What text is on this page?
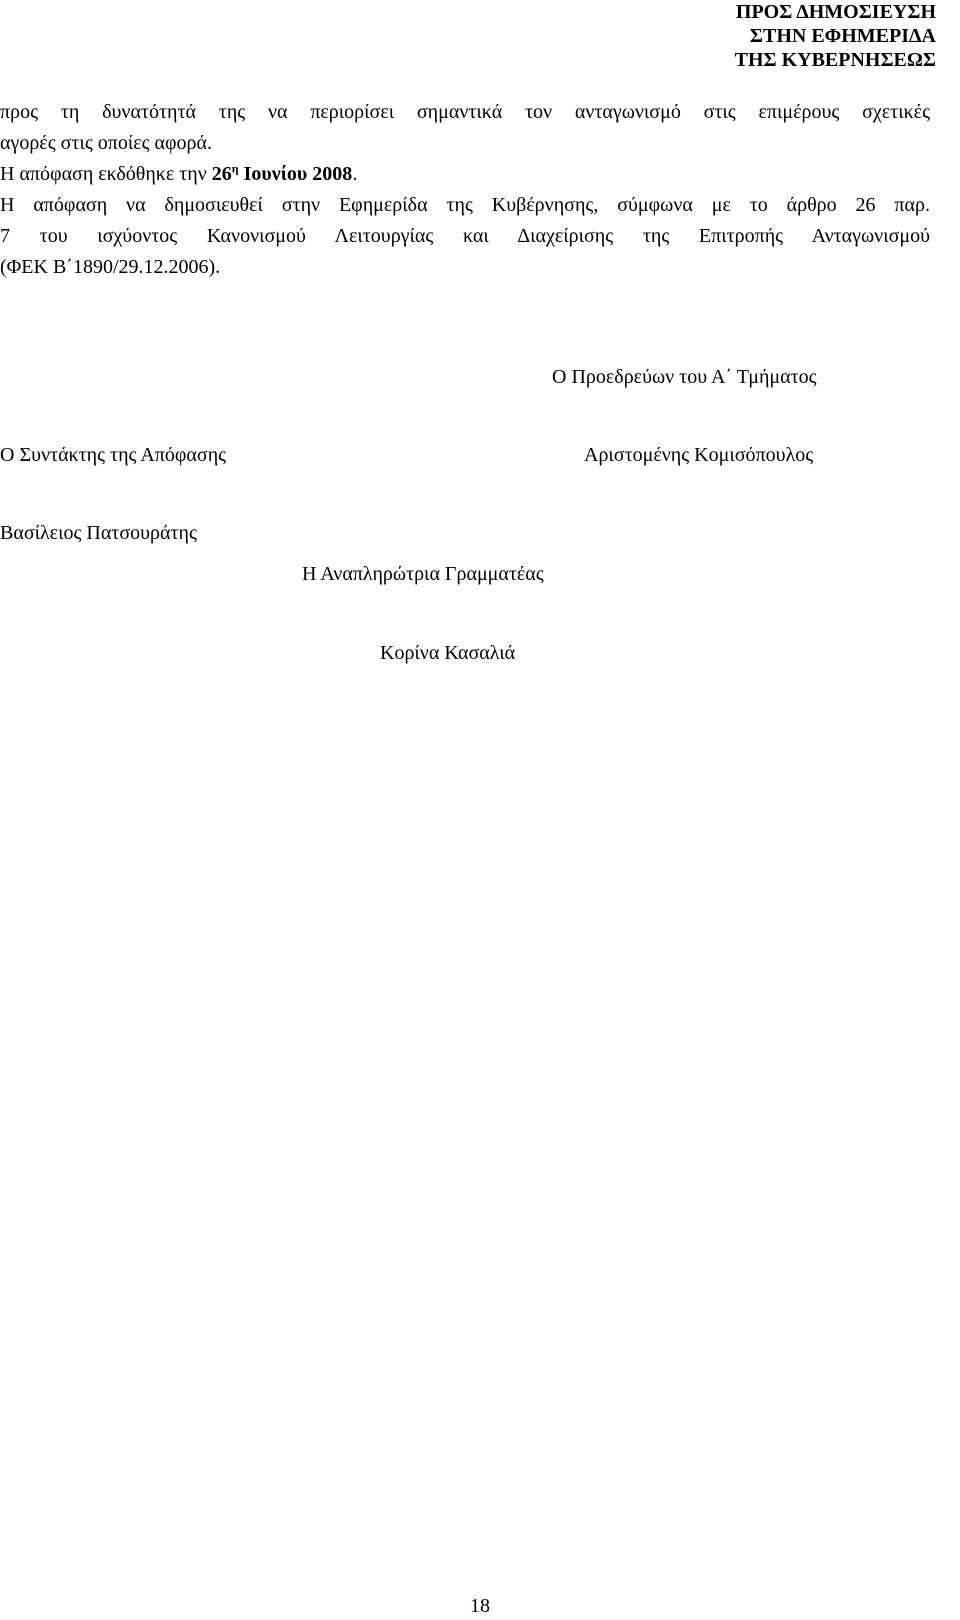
ΠΡΟΣ ΔΗΜΟΣΙΕΥΣΗ
ΣΤΗΝ ΕΦΗΜΕΡΙΔΑ
ΤΗΣ ΚΥΒΕΡΝΗΣΕΩΣ

προς τη δυνατότητά της να περιορίσει σημαντικά τον ανταγωνισμό στις επιμέρους σχετικές

αγορές στις οποίες αφορά.

Η απόφαση εκδόθηκε την $26^\eta$ Ιουνίου 2008.

Η απόφαση να δημοσιευθεί στην Εφημερίδα της Κυβέρνησης, σύμφωνα με το άρθρο 26 παρ.

7 του ισχύοντος Κανονισμού Λειτουργίας και Διαχείρισης της Επιτροπής Ανταγωνισμού

(ΦΕΚ Β΄1890/29.12.2006).

Ο Προεδρεύων του Α΄ Τμήματος
Ο Συντάκτης της Απόφασης	Αριστομένης Κομισόπουλος
Βασίλειος Πατσουράτης
Η Αναπληρώτρια Γραμματέας
Κορίνα Κασαλιά
18
